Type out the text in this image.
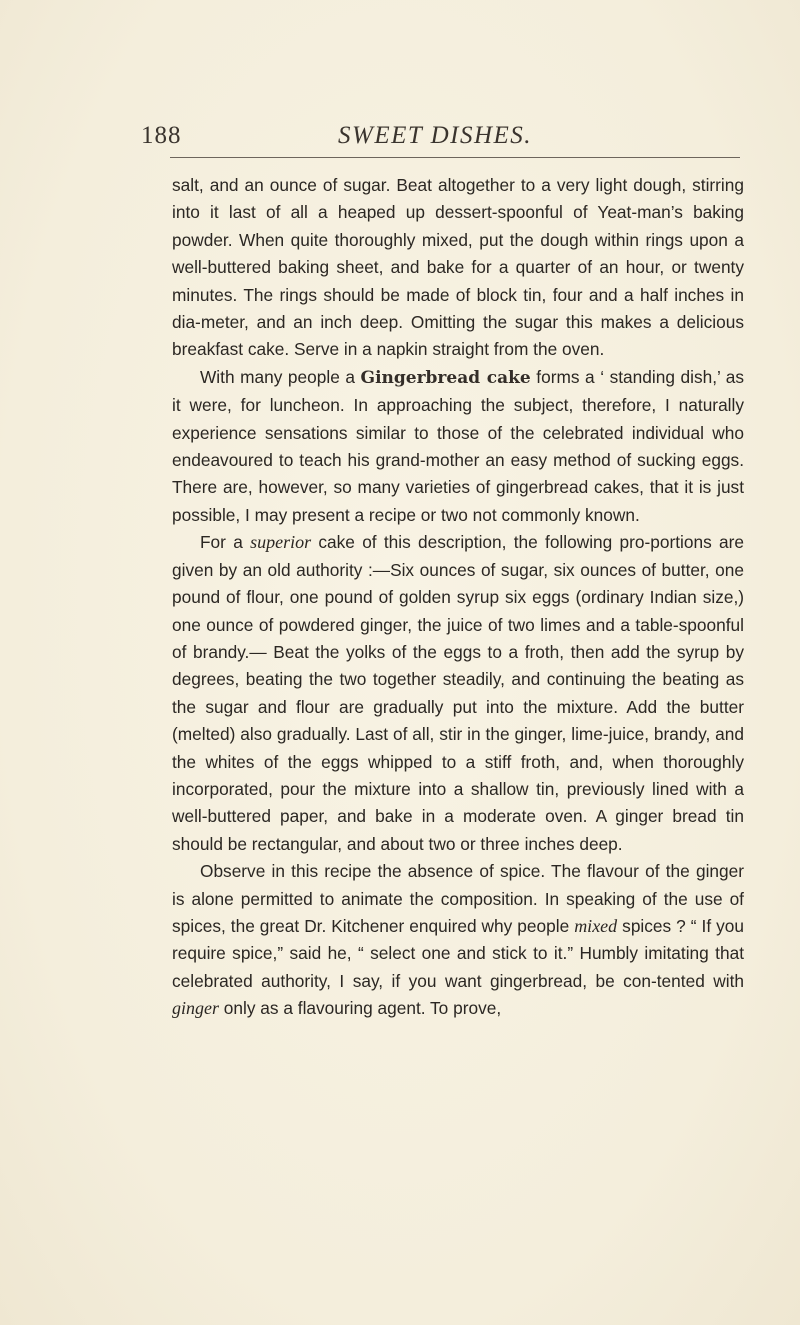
188	SWEET DISHES.

salt, and an ounce of sugar. Beat altogether to a very light dough, stirring into it last of all a heaped up dessert-spoonful of Yeat-man’s baking powder. When quite thoroughly mixed, put the dough within rings upon a well-buttered baking sheet, and bake for a quarter of an hour, or twenty minutes. The rings should be made of block tin, four and a half inches in dia-meter, and an inch deep. Omitting the sugar this makes a delicious breakfast cake. Serve in a napkin straight from the oven.

With many people a Gingerbread cake forms a ‘ standing dish,’ as it were, for luncheon. In approaching the subject, therefore, I naturally experience sensations similar to those of the celebrated individual who endeavoured to teach his grand-mother an easy method of sucking eggs. There are, however, so many varieties of gingerbread cakes, that it is just possible, I may present a recipe or two not commonly known.

For a superior cake of this description, the following pro-portions are given by an old authority :—Six ounces of sugar, six ounces of butter, one pound of flour, one pound of golden syrup six eggs (ordinary Indian size,) one ounce of powdered ginger, the juice of two limes and a table-spoonful of brandy.— Beat the yolks of the eggs to a froth, then add the syrup by degrees, beating the two together steadily, and continuing the beating as the sugar and flour are gradually put into the mixture. Add the butter (melted) also gradually. Last of all, stir in the ginger, lime-juice, brandy, and the whites of the eggs whipped to a stiff froth, and, when thoroughly incorporated, pour the mixture into a shallow tin, previously lined with a well-buttered paper, and bake in a moderate oven. A ginger bread tin should be rectangular, and about two or three inches deep.

Observe in this recipe the absence of spice. The flavour of the ginger is alone permitted to animate the composition. In speaking of the use of spices, the great Dr. Kitchener enquired why people mixed spices ? “ If you require spice,” said he, “ select one and stick to it.” Humbly imitating that celebrated authority, I say, if you want gingerbread, be con-tented with ginger only as a flavouring agent. To prove,
